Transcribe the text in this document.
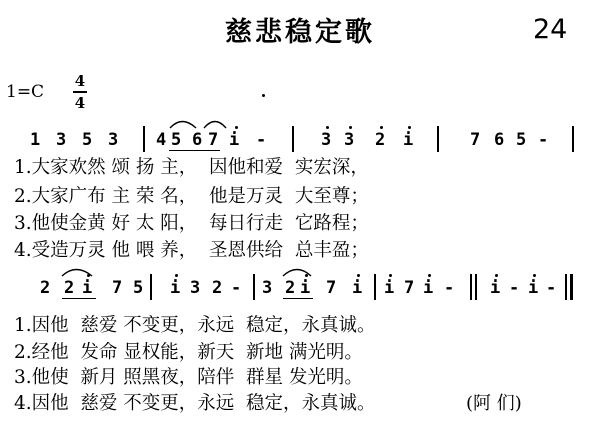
慈悲稳定歌	24
1=C
4
4
1 3 5 3 4 5 6 7 i -	3 3 2 i	7 6 5 -
1.大家欢然 颂 扬 主，  因他和爱  实宏深，
2.大家广布 主 荣 名，  他是万灵  大至尊；
3.他使金黄 好 太 阳，  每日行走  它路程；
4.受造万灵 他 喂 养，  圣恩供给  总丰盈；
2 2 i 7 5 i 3 2 - 3 2 i 7 i i 7 i - i - i -
1.因他  慈爱 不变更，永远  稳定，永真诚。
2.经他  发命 显权能，新天  新地 满光明。
3.他使  新月 照黑夜，陪伴  群星 发光明。
4.因他  慈爱 不变更，永远  稳定，永真诚。	(阿 们)
